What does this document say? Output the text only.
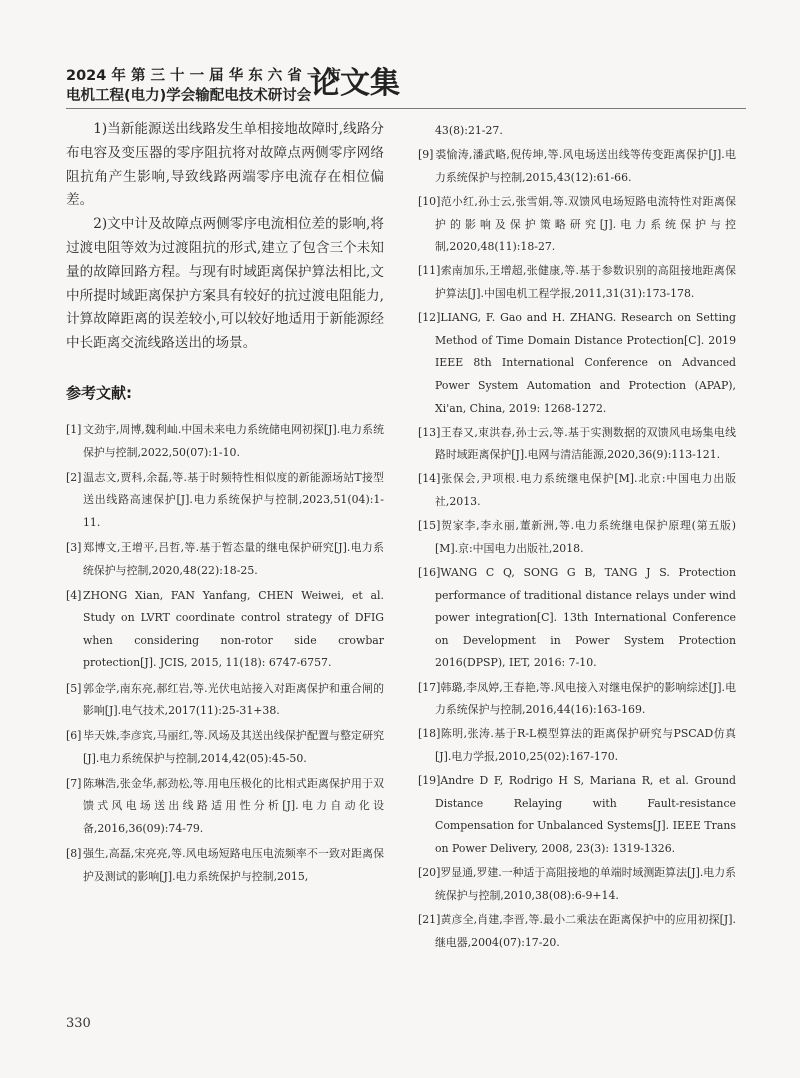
2024 年 第 三 十 一 届 华 东 六 省 一 市
电机工程(电力)学会输配电技术研讨会
论文集

1)当新能源送出线路发生单相接地故障时,线路分布电容及变压器的零序阻抗将对故障点两侧零序网络阻抗角产生影响,导致线路两端零序电流存在相位偏差。

2)文中计及故障点两侧零序电流相位差的影响,将过渡电阻等效为过渡阻抗的形式,建立了包含三个未知量的故障回路方程。与现有时域距离保护算法相比,文中所提时域距离保护方案具有较好的抗过渡电阻能力,计算故障距离的误差较小,可以较好地适用于新能源经中长距离交流线路送出的场景。

参考文献:
[1] 文劲宇,周博,魏利屾.中国未来电力系统储电网初探[J].电力系统保护与控制,2022,50(07):1-10.
[2] 温志文,贾科,余磊,等.基于时频特性相似度的新能源场站T接型送出线路高速保护[J].电力系统保护与控制,2023,51(04):1-11.
[3] 郑博文,王增平,吕哲,等.基于暂态量的继电保护研究[J].电力系统保护与控制,2020,48(22):18-25.
[4] ZHONG Xian, FAN Yanfang, CHEN Weiwei, et al. Study on LVRT coordinate control strategy of DFIG when considering non-rotor side crowbar protection[J]. JCIS, 2015, 11(18): 6747-6757.
[5] 郭金学,南东亮,郝红岩,等.光伏电站接入对距离保护和重合闸的影响[J].电气技术,2017(11):25-31+38.
[6] 毕天姝,李彦宾,马丽红,等.风场及其送出线保护配置与整定研究[J].电力系统保护与控制,2014,42(05):45-50.
[7] 陈琳浩,张金华,郝劲松,等.用电压极化的比相式距离保护用于双馈式风电场送出线路适用性分析[J].电力自动化设备,2016,36(09):74-79.
[8] 强生,高磊,宋亮亮,等.风电场短路电压电流频率不一致对距离保护及测试的影响[J].电力系统保护与控制,2015,
43(8):21-27.
[9] 裘愉涛,潘武略,倪传坤,等.风电场送出线等传变距离保护[J].电力系统保护与控制,2015,43(12):61-66.
[10]范小红,孙士云,张雪娟,等.双馈风电场短路电流特性对距离保护的影响及保护策略研究[J].电力系统保护与控制,2020,48(11):18-27.
[11]索南加乐,王增超,张健康,等.基于参数识别的高阻接地距离保护算法[J].中国电机工程学报,2011,31(31):173-178.
[12]LIANG, F. Gao and H. ZHANG. Research on Setting Method of Time Domain Distance Protection[C]. 2019 IEEE 8th International Conference on Advanced Power System Automation and Protection (APAP), Xi'an, China, 2019: 1268-1272.
[13]王春又,束洪春,孙士云,等.基于实测数据的双馈风电场集电线路时域距离保护[J].电网与清洁能源,2020,36(9):113-121.
[14]张保会,尹项根.电力系统继电保护[M].北京:中国电力出版社,2013.
[15]贺家李,李永丽,董新洲,等.电力系统继电保护原理(第五版)[M].京:中国电力出版社,2018.
[16]WANG C Q, SONG G B, TANG J S. Protection performance of traditional distance relays under wind power integration[C]. 13th International Conference on Development in Power System Protection 2016(DPSP), IET, 2016: 7-10.
[17]韩璐,李凤婷,王春艳,等.风电接入对继电保护的影响综述[J].电力系统保护与控制,2016,44(16):163-169.
[18]陈明,张涛.基于R-L模型算法的距离保护研究与PSCAD仿真[J].电力学报,2010,25(02):167-170.
[19]Andre D F, Rodrigo H S, Mariana R, et al. Ground Distance Relaying with Fault-resistance Compensation for Unbalanced Systems[J]. IEEE Trans on Power Delivery, 2008, 23(3): 1319-1326.
[20]罗显通,罗建.一种适于高阻接地的单端时域测距算法[J].电力系统保护与控制,2010,38(08):6-9+14.
[21]黄彦全,肖建,李晋,等.最小二乘法在距离保护中的应用初探[J].继电器,2004(07):17-20.
330
